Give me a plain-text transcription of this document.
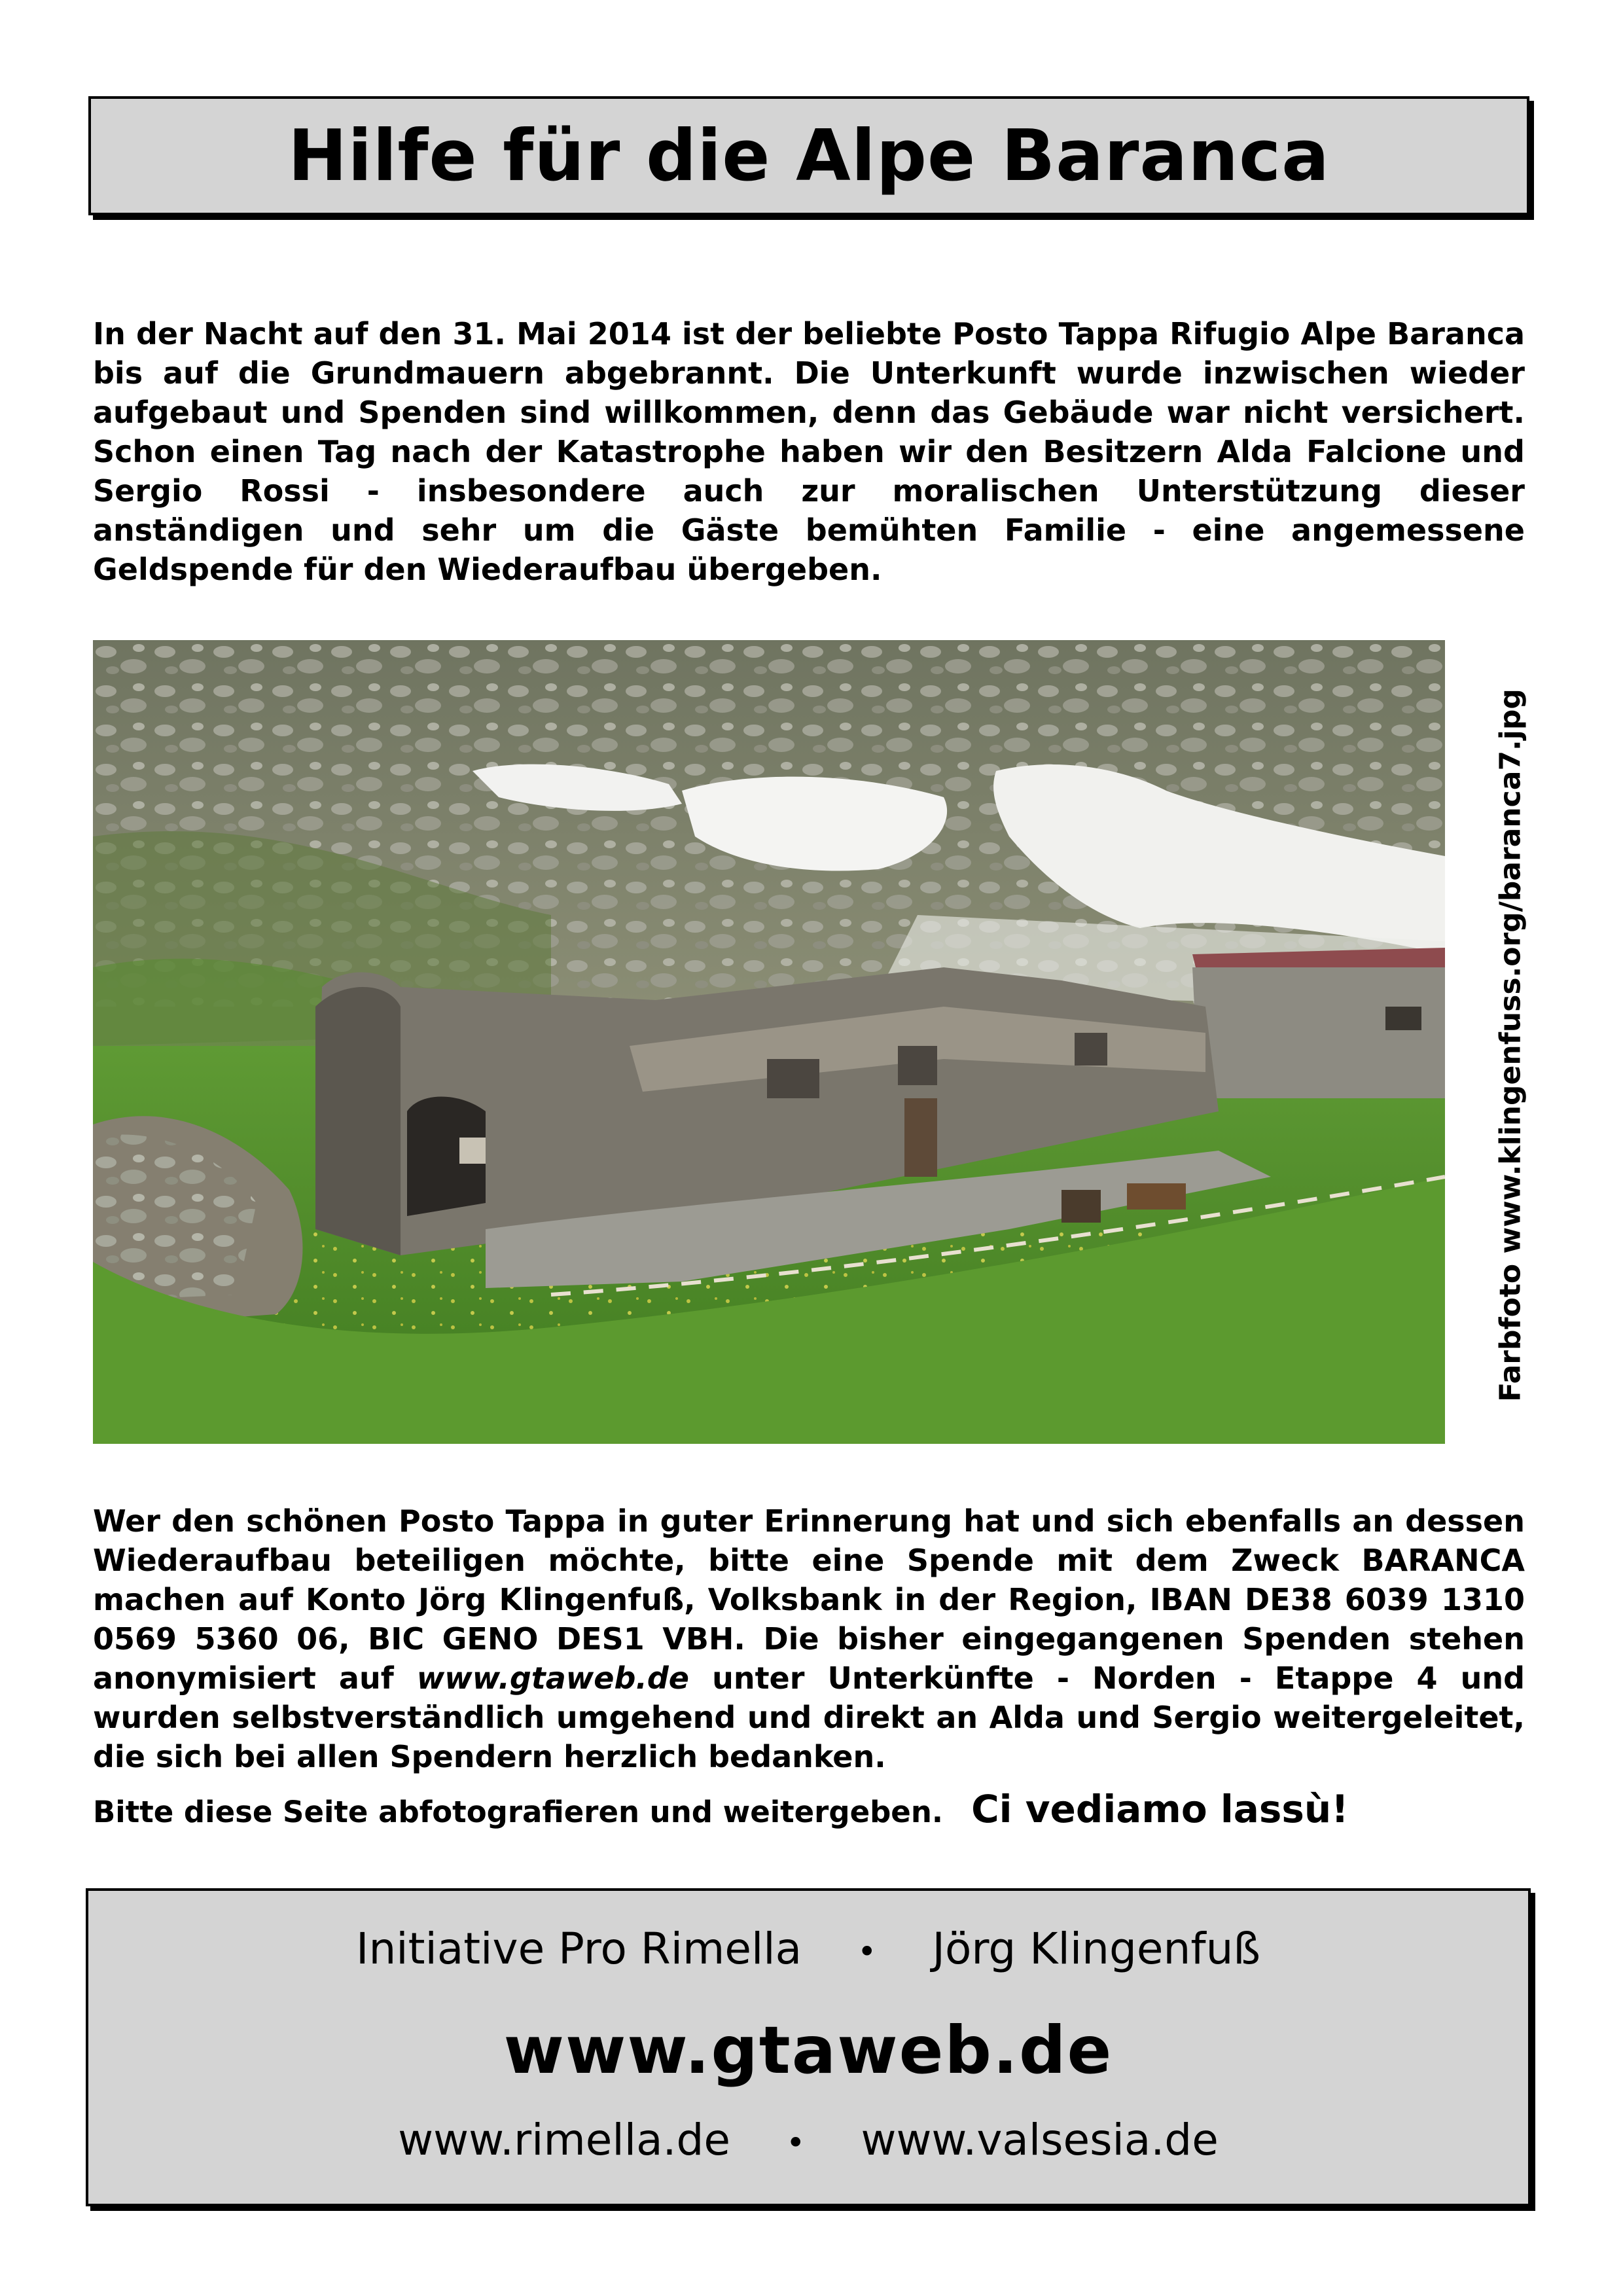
Hilfe für die Alpe Baranca

In der Nacht auf den 31. Mai 2014 ist der beliebte Posto Tappa Rifugio Alpe Baranca bis auf die Grundmauern abgebrannt. Die Unterkunft wurde inzwischen wieder aufgebaut und Spenden sind willkommen, denn das Gebäude war nicht versichert. Schon einen Tag nach der Katastrophe haben wir den Besitzern Alda Falcione und Sergio Rossi - insbesondere auch zur moralischen Unterstützung dieser anständigen und sehr um die Gäste bemühten Familie - eine angemessene Geldspende für den Wiederaufbau übergeben.

Farbfoto www.klingenfuss.org/baranca7.jpg

Wer den schönen Posto Tappa in guter Erinnerung hat und sich ebenfalls an dessen Wiederaufbau beteiligen möchte, bitte eine Spende mit dem Zweck BARANCA machen auf Konto Jörg Klingenfuß, Volksbank in der Region, IBAN DE38 6039 1310 0569 5360 06, BIC GENO DES1 VBH. Die bisher eingegangenen Spenden stehen anonymisiert auf www.gtaweb.de unter Unterkünfte - Norden - Etappe 4 und wurden selbstverständlich umgehend und direkt an Alda und Sergio weitergeleitet, die sich bei allen Spendern herzlich bedanken.

Bitte diese Seite abfotografieren und weitergeben. Ci vediamo lassù!
Initiative Pro Rimella • Jörg Klingenfuß
www.gtaweb.de
www.rimella.de • www.valsesia.de
